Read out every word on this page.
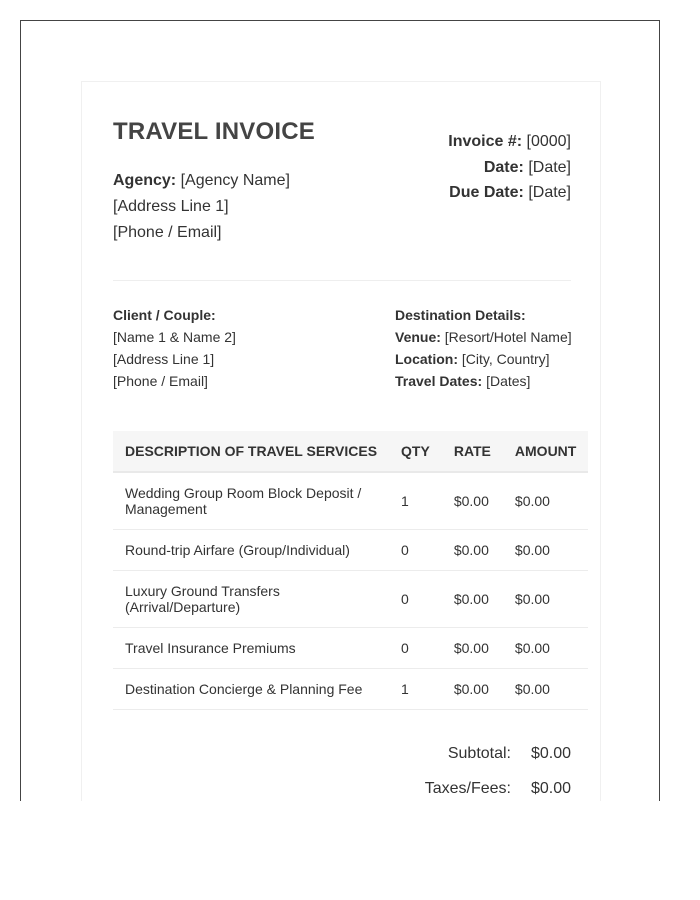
TRAVEL INVOICE
Agency: [Agency Name]
[Address Line 1]
[Phone / Email]
Invoice #: [0000]
Date: [Date]
Due Date: [Date]
Client / Couple:
[Name 1 & Name 2]
[Address Line 1]
[Phone / Email]
Destination Details:
Venue: [Resort/Hotel Name]
Location: [City, Country]
Travel Dates: [Dates]
DESCRIPTION OF TRAVEL SERVICES	QTY	RATE	AMOUNT
Wedding Group Room Block Deposit / Management	1	$0.00	$0.00
Round-trip Airfare (Group/Individual)	0	$0.00	$0.00
Luxury Ground Transfers (Arrival/Departure)	0	$0.00	$0.00
Travel Insurance Premiums	0	$0.00	$0.00
Destination Concierge & Planning Fee	1	$0.00	$0.00
Subtotal:	$0.00
Taxes/Fees:	$0.00
